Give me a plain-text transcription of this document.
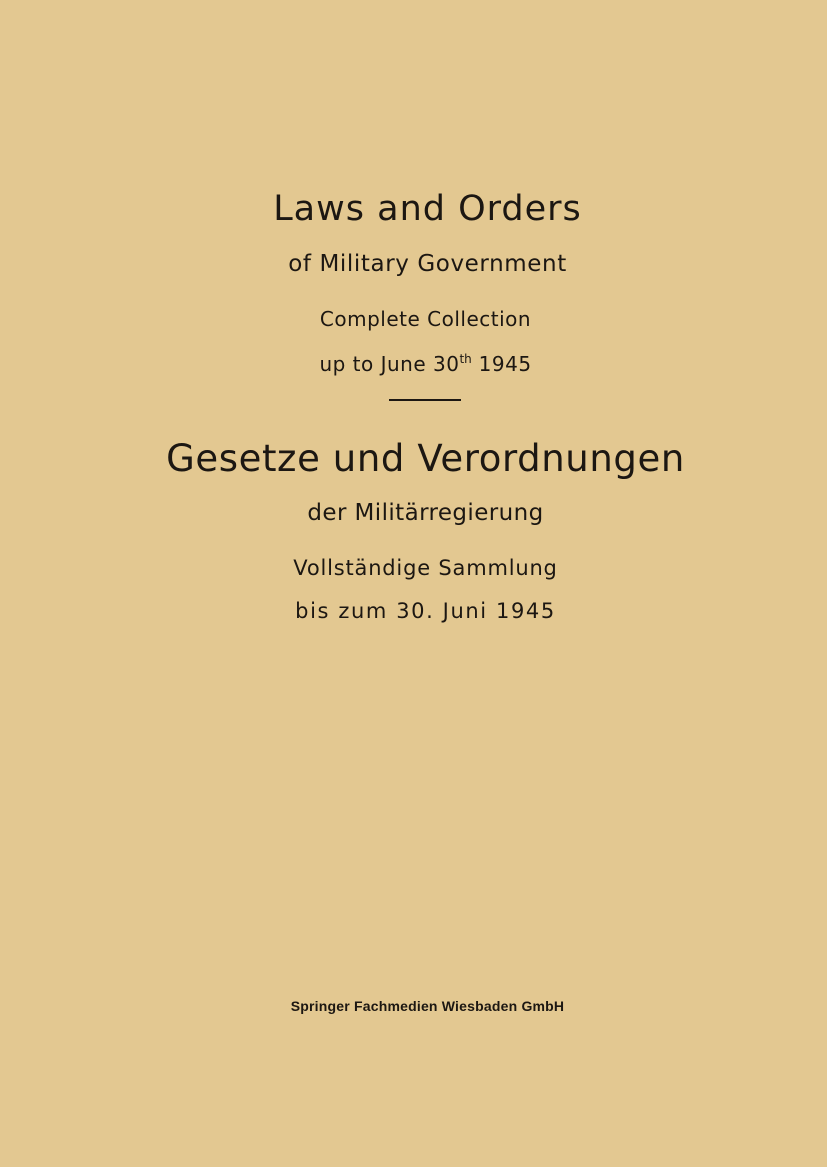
Laws and Orders
of Military Government
Complete Collection
up to June 30th 1945
Gesetze und Verordnungen
der Militärregierung
Vollständige Sammlung
bis zum 30. Juni 1945
Springer Fachmedien Wiesbaden GmbH
